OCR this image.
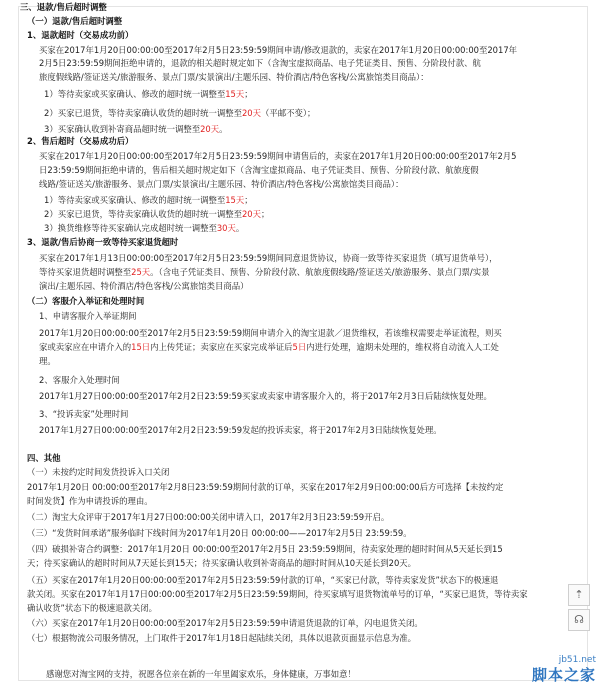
三、退款/售后超时调整
（一）退款/售后超时调整
1、退款超时（交易成功前）
买家在2017年1月20日00:00:00至2017年2月5日23:59:59期间申请/修改退款的，卖家在2017年1月20日00:00:00至2017年
2月5日23:59:59期间拒绝申请的，退款的相关超时规定如下（含淘宝虚拟商品、电子凭证类目、预售、分阶段付款、航
旅度假线路/签证送关/旅游服务、景点门票/实景演出/主题乐园、特价酒店/特色客栈/公寓旅馆类目商品）：
1）等待卖家或买家确认、修改的超时统一调整至15天；
2）买家已退货，等待卖家确认收货的超时统一调整至20天（平邮不变）；
3）买家确认收到补寄商品超时统一调整至20天。
2、售后超时（交易成功后）
买家在2017年1月20日00:00:00至2017年2月5日23:59:59期间申请售后的，卖家在2017年1月20日00:00:00至2017年2月5
日23:59:59期间拒绝申请的，售后相关超时规定如下（含淘宝虚拟商品、电子凭证类目、预售、分阶段付款、航旅度假
线路/签证送关/旅游服务、景点门票/实景演出/主题乐园、特价酒店/特色客栈/公寓旅馆类目商品）：
1）等待卖家或买家确认、修改的超时统一调整至15天；
2）买家已退货，等待卖家确认收货的超时统一调整至20天；
3）换货维修等待买家确认完成超时统一调整至30天。
3、退款/售后协商一致等待买家退货超时
买家在2017年1月13日00:00:00至2017年2月5日23:59:59期间同意退货协议，协商一致等待买家退货（填写退货单号），
等待买家退货超时调整至25天。（含电子凭证类目、预售、分阶段付款、航旅度假线路/签证送关/旅游服务、景点门票/实景
演出/主题乐园、特价酒店/特色客栈/公寓旅馆类目商品）
（二）客服介入举证和处理时间
1、申请客服介入举证期间
2017年1月20日00:00:00至2017年2月5日23:59:59期间申请介入的淘宝退款／退货维权，若该维权需要走举证流程，则买
家或卖家应在申请介入的15日内上传凭证；卖家应在买家完成举证后5日内进行处理，逾期未处理的，维权将自动流入人工处
理。
2、客服介入处理时间
2017年1月27日00:00:00至2017年2月2日23:59:59买家或卖家申请客服介入的，将于2017年2月3日后陆续恢复处理。
3、“投诉卖家”处理时间
2017年1月27日00:00:00至2017年2月2日23:59:59发起的投诉卖家，将于2017年2月3日陆续恢复处理。
四、其他
（一）未按约定时间发货投诉入口关闭
2017年1月20日 00:00:00至2017年2月8日23:59:59期间付款的订单，买家在2017年2月9日00:00:00后方可选择【未按约定
时间发货】作为申请投诉的理由。
（二）淘宝大众评审于2017年1月27日00:00:00关闭申请入口，2017年2月3日23:59:59开启。
（三）“发货时间承诺”服务临时下线时间为2017年1月20日 00:00:00——2017年2月5日 23:59:59。
（四）破损补寄合约调整：2017年1月20日 00:00:00至2017年2月5日 23:59:59期间，待卖家处理的超时时间从5天延长到15
天；待买家确认的超时时间从7天延长到15天；待买家确认收到补寄商品的超时时间从10天延长到20天。
（五）买家在2017年1月20日00:00:00至2017年2月5日23:59:59付款的订单，“买家已付款，等待卖家发货”状态下的极速退
款关闭。买家在2017年1月17日00:00:00至2017年2月5日23:59:59期间，待买家填写退货物流单号的订单，“买家已退货，等待卖家
确认收货”状态下的极速退款关闭。
（六）买家在2017年1月20日00:00:00至2017年2月5日23:59:59申请退货退款的订单，闪电退货关闭。
（七）根据物流公司服务情况，上门取件于2017年1月18日起陆续关闭，具体以退款页面显示信息为准。
感谢您对淘宝网的支持，祝愿各位亲在新的一年里阖家欢乐，身体健康，万事如意！
⇡
☊
jb51.net
脚本之家
